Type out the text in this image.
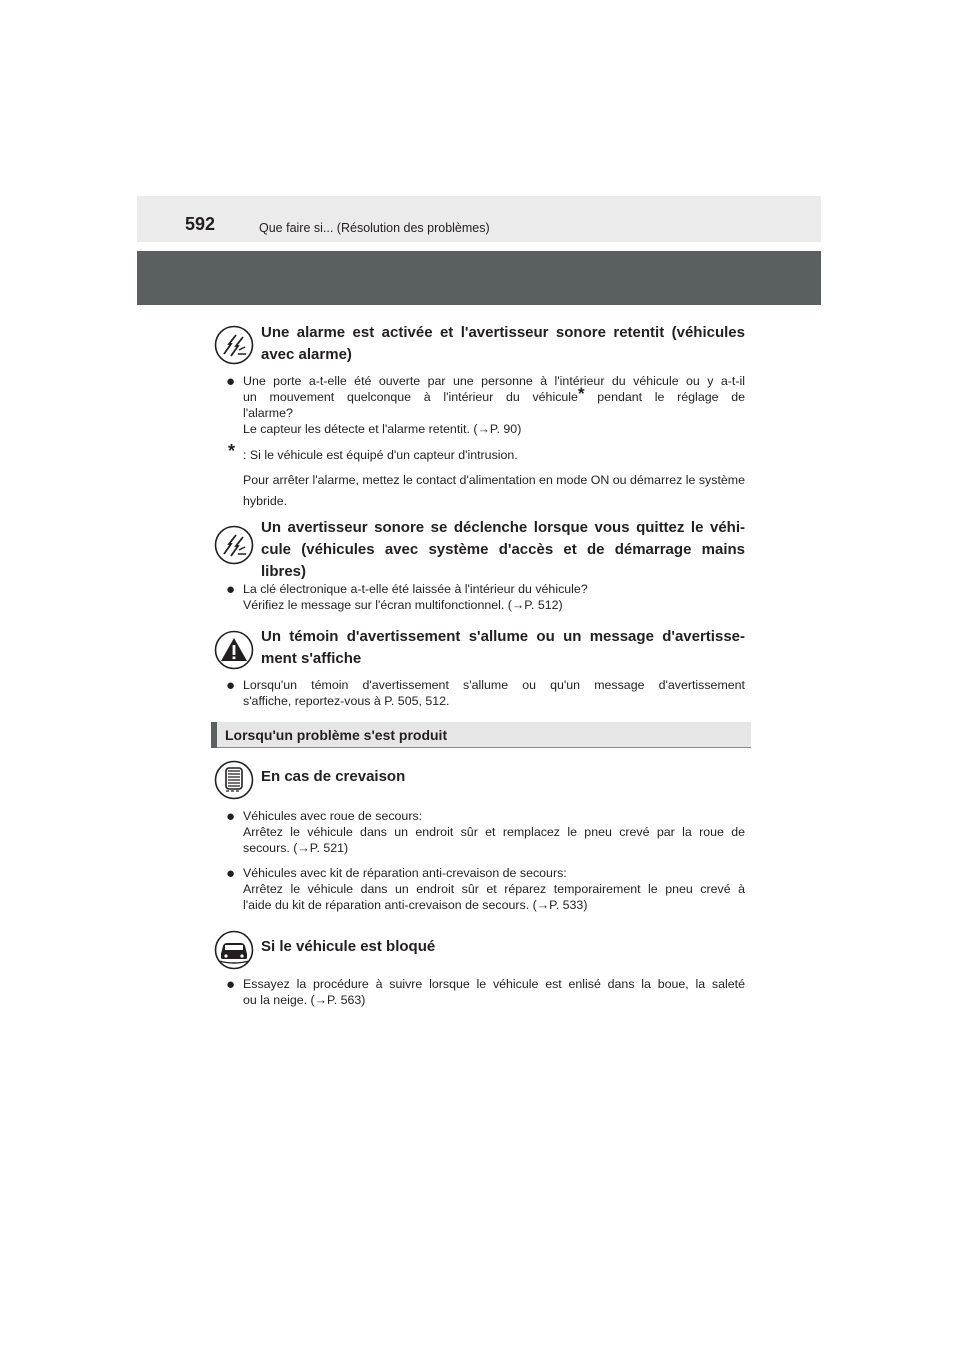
592	Que faire si... (Résolution des problèmes)
Une alarme est activée et l'avertisseur sonore retentit (véhicules
avec alarme)
● Une porte a-t-elle été ouverte par une personne à l'intérieur du véhicule ou y a-t-il
un mouvement quelconque à l'intérieur du véhicule* pendant le réglage de
l'alarme?
Le capteur les détecte et l'alarme retentit. (→P. 90)
* : Si le véhicule est équipé d'un capteur d'intrusion.
Pour arrêter l'alarme, mettez le contact d'alimentation en mode ON ou démarrez le système hybride.
Un avertisseur sonore se déclenche lorsque vous quittez le véhi-
cule (véhicules avec système d'accès et de démarrage mains
libres)
● La clé électronique a-t-elle été laissée à l'intérieur du véhicule?
Vérifiez le message sur l'écran multifonctionnel. (→P. 512)
Un témoin d'avertissement s'allume ou un message d'avertisse-
ment s'affiche
● Lorsqu'un témoin d'avertissement s'allume ou qu'un message d'avertissement
s'affiche, reportez-vous à P. 505, 512.
Lorsqu'un problème s'est produit
En cas de crevaison
● Véhicules avec roue de secours:
Arrêtez le véhicule dans un endroit sûr et remplacez le pneu crevé par la roue de
secours. (→P. 521)
● Véhicules avec kit de réparation anti-crevaison de secours:
Arrêtez le véhicule dans un endroit sûr et réparez temporairement le pneu crevé à
l'aide du kit de réparation anti-crevaison de secours. (→P. 533)
Si le véhicule est bloqué
● Essayez la procédure à suivre lorsque le véhicule est enlisé dans la boue, la saleté
ou la neige. (→P. 563)
